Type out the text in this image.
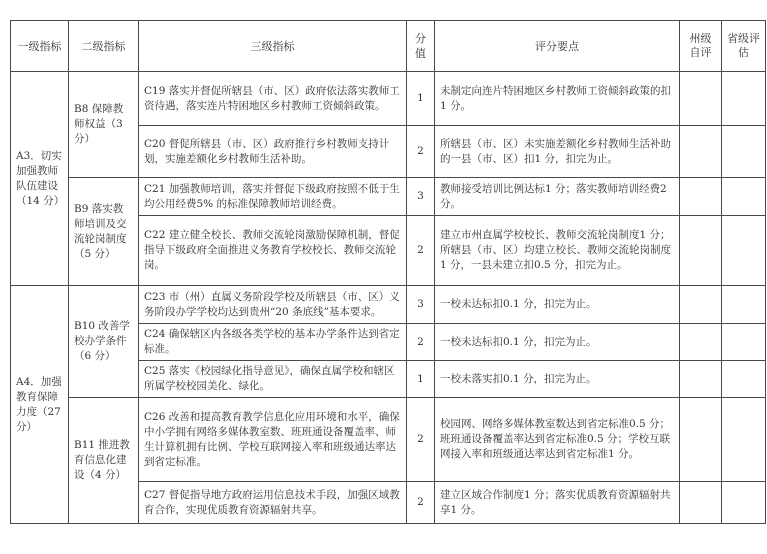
一级指标	二级指标	三级指标	分值	评分要点	州级自评	省级评估
A3．切实加强教师队伍建设（14 分）	B8 保障教师权益（3 分）	C19 落实并督促所辖县（市、区）政府依法落实教师工资待遇，落实连片特困地区乡村教师工资倾斜政策。	1	未制定向连片特困地区乡村教师工资倾斜政策的扣1 分。		
		C20 督促所辖县（市、区）政府推行乡村教师支持计划，实施差额化乡村教师生活补助。	2	所辖县（市、区）未实施差额化乡村教师生活补助的一县（市、区）扣1 分，扣完为止。		
	B9 落实教师培训及交流轮岗制度（5 分）	C21 加强教师培训，落实并督促下级政府按照不低于生均公用经费5% 的标准保障教师培训经费。	3	教师接受培训比例达标1 分；落实教师培训经费2 分。		
		C22 建立健全校长、教师交流轮岗激励保障机制，督促指导下级政府全面推进义务教育学校校长、教师交流轮岗。	2	建立市州直属学校校长、教师交流轮岗制度1 分；所辖县（市、区）均建立校长、教师交流轮岗制度1 分，一县未建立扣0.5 分，扣完为止。		
A4．加强教育保障力度（27 分）	B10 改善学校办学条件（6 分）	C23 市（州）直属义务阶段学校及所辖县（市、区）义务阶段办学学校均达到贵州“20 条底线”基本要求。	3	一校未达标扣0.1 分，扣完为止。		
		C24 确保辖区内各级各类学校的基本办学条件达到省定标准。	2	一校未达标扣0.1 分，扣完为止。		
		C25 落实《校园绿化指导意见》，确保直属学校和辖区所属学校校园美化、绿化。	1	一校未落实扣0.1 分，扣完为止。		
	B11 推进教育信息化建设（4 分）	C26 改善和提高教育教学信息化应用环境和水平，确保中小学拥有网络多媒体教室数、班班通设备覆盖率、师生计算机拥有比例、学校互联网接入率和班级通达率达到省定标准。	2	校园网、网络多媒体教室数达到省定标准0.5 分；班班通设备覆盖率达到省定标准0.5 分；学校互联网接入率和班级通达率达到省定标准1 分。		
		C27 督促指导地方政府运用信息技术手段，加强区域教育合作，实现优质教育资源辐射共享。	2	建立区域合作制度1 分；落实优质教育资源辐射共享1 分。		
